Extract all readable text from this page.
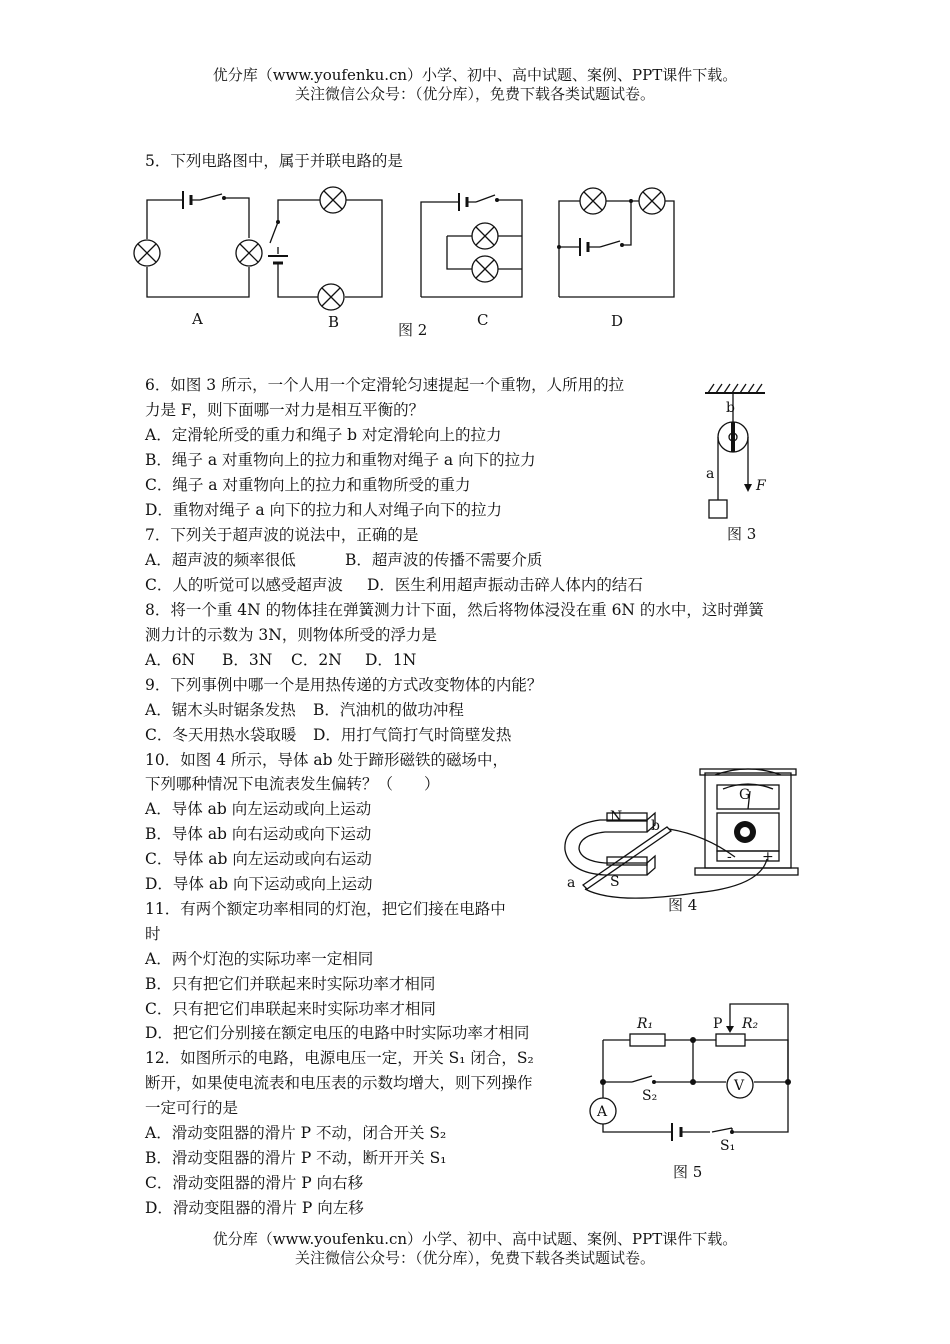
优分库（www.youfenku.cn）小学、初中、高中试题、案例、PPT课件下载。
关注微信公众号：（优分库），免费下载各类试题试卷。
5．下列电路图中，属于并联电路的是
A	B	图 2
C	D
6．如图 3 所示，一个人用一个定滑轮匀速提起一个重物，人所用的拉
力是 F，则下面哪一对力是相互平衡的？
A．定滑轮所受的重力和绳子 b 对定滑轮向上的拉力
B．绳子 a 对重物向上的拉力和重物对绳子 a 向下的拉力
C．绳子 a 对重物向上的拉力和重物所受的重力
D．重物对绳子 a 向下的拉力和人对绳子向下的拉力
b
a
F
图 3
7．下列关于超声波的说法中，正确的是
A．超声波的频率很低	B．超声波的传播不需要介质
C．人的听觉可以感受超声波 D．医生利用超声振动击碎人体内的结石
8．将一个重 4N 的物体挂在弹簧测力计下面，然后将物体浸没在重 6N 的水中，这时弹簧
测力计的示数为 3N，则物体所受的浮力是
A．6N B．3N C．2N D．1N
9．下列事例中哪一个是用热传递的方式改变物体的内能？
A．锯木头时锯条发热 B．汽油机的做功冲程
C．冬天用热水袋取暖 D．用打气筒打气时筒壁发热
10．如图 4 所示，导体 ab 处于蹄形磁铁的磁场中，
下列哪种情况下电流表发生偏转？（　　）
A．导体 ab 向左运动或向上运动
B．导体 ab 向右运动或向下运动
C．导体 ab 向左运动或向右运动
D．导体 ab 向下运动或向上运动
G
- +
N
S
a
b
图 4
11．有两个额定功率相同的灯泡，把它们接在电路中
时
A．两个灯泡的实际功率一定相同
B．只有把它们并联起来时实际功率才相同
C．只有把它们串联起来时实际功率才相同
D．把它们分别接在额定电压的电路中时实际功率才相同
12．如图所示的电路，电源电压一定，开关 S₁ 闭合，S₂
断开，如果使电流表和电压表的示数均增大，则下列操作
一定可行的是
A．滑动变阻器的滑片 P 不动，闭合开关 S₂
B．滑动变阻器的滑片 P 不动，断开开关 S₁
C．滑动变阻器的滑片 P 向右移
D．滑动变阻器的滑片 P 向左移
V
A
R₁	P R₂
S₂
S₁
图 5
优分库（www.youfenku.cn）小学、初中、高中试题、案例、PPT课件下载。
关注微信公众号：（优分库），免费下载各类试题试卷。
